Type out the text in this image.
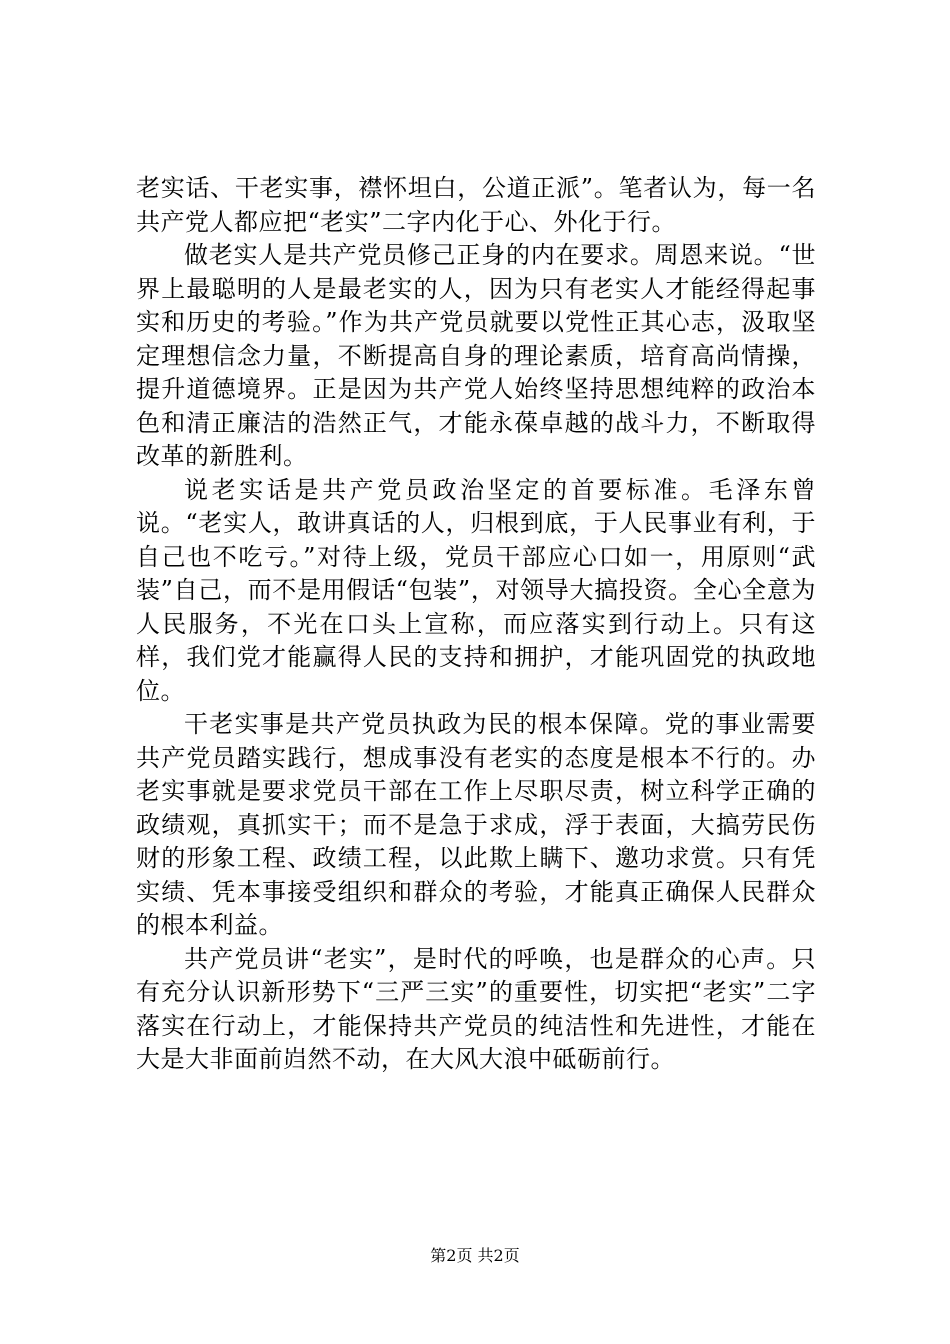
老实话、干老实事，襟怀坦白，公道正派”。笔者认为，每一名共产党人都应把“老实”二字内化于心、外化于行。

做老实人是共产党员修己正身的内在要求。周恩来说。“世界上最聪明的人是最老实的人，因为只有老实人才能经得起事实和历史的考验。”作为共产党员就要以党性正其心志，汲取坚定理想信念力量，不断提高自身的理论素质，培育高尚情操，提升道德境界。正是因为共产党人始终坚持思想纯粹的政治本色和清正廉洁的浩然正气，才能永葆卓越的战斗力，不断取得改革的新胜利。

说老实话是共产党员政治坚定的首要标准。毛泽东曾说。“老实人，敢讲真话的人，归根到底，于人民事业有利，于自己也不吃亏。”对待上级，党员干部应心口如一，用原则“武装”自己，而不是用假话“包装”，对领导大搞投资。全心全意为人民服务，不光在口头上宣称，而应落实到行动上。只有这样，我们党才能赢得人民的支持和拥护，才能巩固党的执政地位。

干老实事是共产党员执政为民的根本保障。党的事业需要共产党员踏实践行，想成事没有老实的态度是根本不行的。办老实事就是要求党员干部在工作上尽职尽责，树立科学正确的政绩观，真抓实干；而不是急于求成，浮于表面，大搞劳民伤财的形象工程、政绩工程，以此欺上瞒下、邀功求赏。只有凭实绩、凭本事接受组织和群众的考验，才能真正确保人民群众的根本利益。

共产党员讲“老实”，是时代的呼唤，也是群众的心声。只有充分认识新形势下“三严三实”的重要性，切实把“老实”二字落实在行动上，才能保持共产党员的纯洁性和先进性，才能在大是大非面前岿然不动，在大风大浪中砥砺前行。

第2页 共2页
